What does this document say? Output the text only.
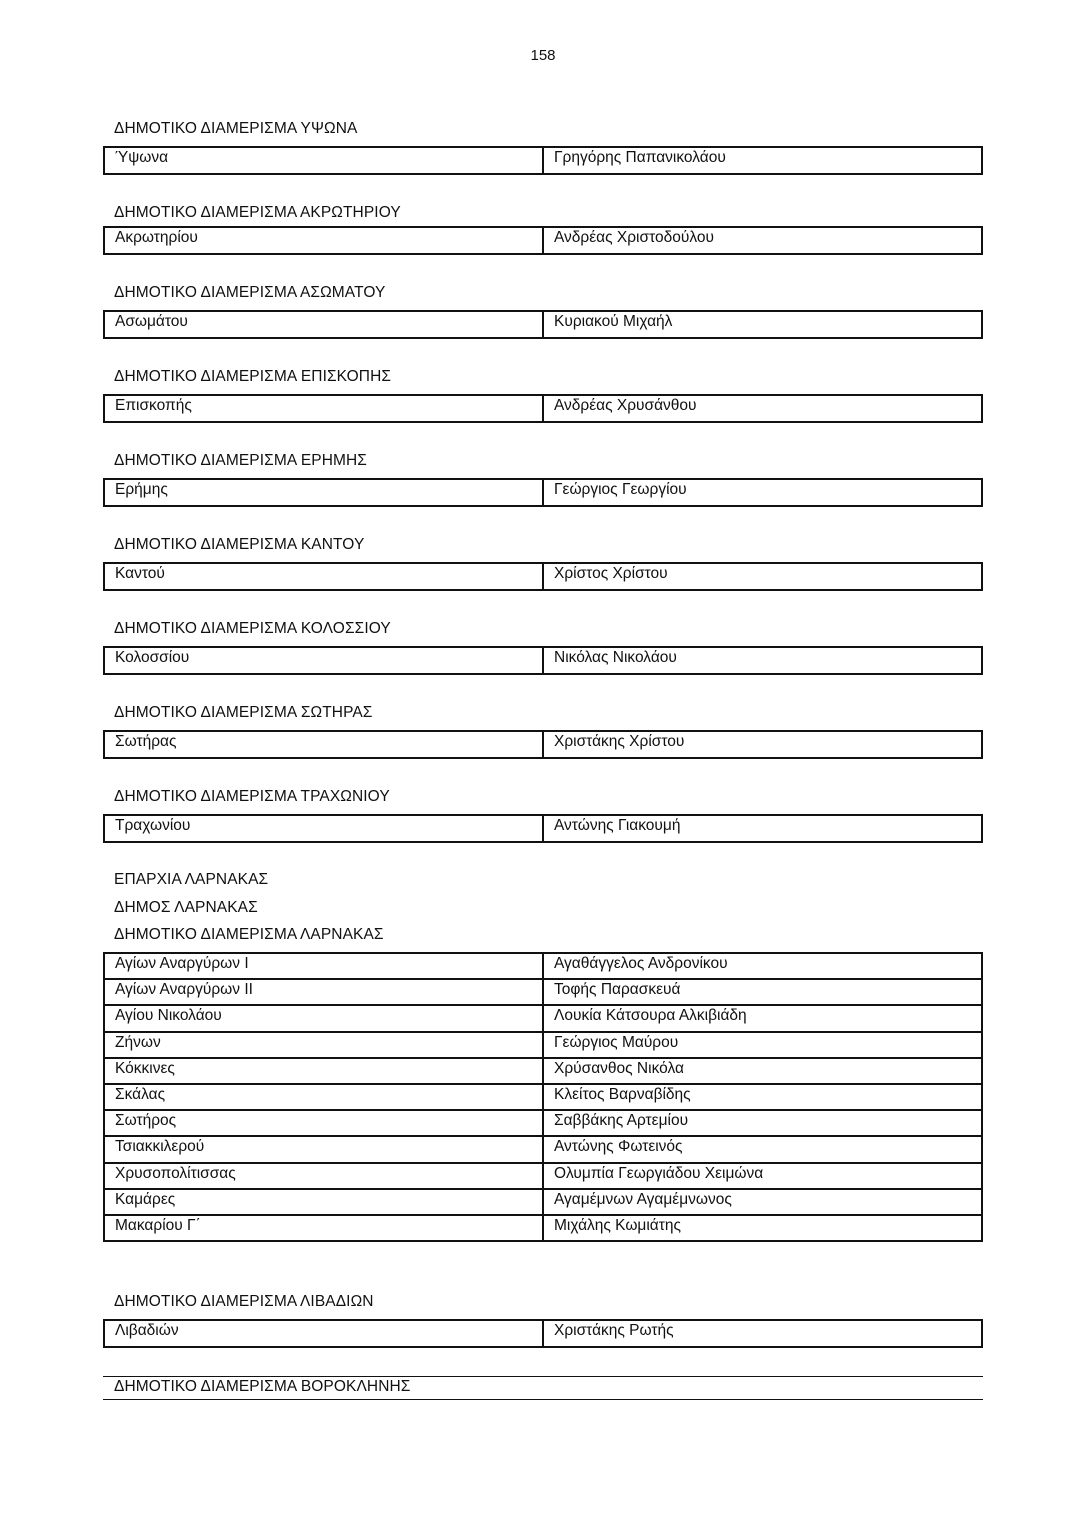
158
ΔΗΜΟΤΙΚΟ ΔΙΑΜΕΡΙΣΜΑ ΥΨΩΝΑ
Ύψωνα	Γρηγόρης Παπανικολάου
ΔΗΜΟΤΙΚΟ ΔΙΑΜΕΡΙΣΜΑ ΑΚΡΩΤΗΡΙΟΥ
Ακρωτηρίου	Ανδρέας Χριστοδούλου
ΔΗΜΟΤΙΚΟ ΔΙΑΜΕΡΙΣΜΑ ΑΣΩΜΑΤΟΥ
Ασωμάτου	Κυριακού Μιχαήλ
ΔΗΜΟΤΙΚΟ ΔΙΑΜΕΡΙΣΜΑ ΕΠΙΣΚΟΠΗΣ
Επισκοπής	Ανδρέας Χρυσάνθου
ΔΗΜΟΤΙΚΟ ΔΙΑΜΕΡΙΣΜΑ ΕΡΗΜΗΣ
Ερήμης	Γεώργιος Γεωργίου
ΔΗΜΟΤΙΚΟ ΔΙΑΜΕΡΙΣΜΑ ΚΑΝΤΟΥ
Καντού	Χρίστος Χρίστου
ΔΗΜΟΤΙΚΟ ΔΙΑΜΕΡΙΣΜΑ ΚΟΛΟΣΣΙΟΥ
Κολοσσίου	Νικόλας Νικολάου
ΔΗΜΟΤΙΚΟ ΔΙΑΜΕΡΙΣΜΑ ΣΩΤΗΡΑΣ
Σωτήρας	Χριστάκης Χρίστου
ΔΗΜΟΤΙΚΟ ΔΙΑΜΕΡΙΣΜΑ ΤΡΑΧΩΝΙΟΥ
Τραχωνίου	Αντώνης Γιακουμή
ΕΠΑΡΧΙΑ ΛΑΡΝΑΚΑΣ
ΔΗΜΟΣ ΛΑΡΝΑΚΑΣ
ΔΗΜΟΤΙΚΟ ΔΙΑΜΕΡΙΣΜΑ ΛΑΡΝΑΚΑΣ
Αγίων Αναργύρων Ι	Αγαθάγγελος Ανδρονίκου
Αγίων Αναργύρων ΙΙ	Τοφής Παρασκευά
Αγίου Νικολάου	Λουκία Κάτσουρα Αλκιβιάδη
Ζήνων	Γεώργιος Μαύρου
Κόκκινες	Χρύσανθος Νικόλα
Σκάλας	Κλείτος Βαρναβίδης
Σωτήρος	Σαββάκης Αρτεμίου
Τσιακκιλερού	Αντώνης Φωτεινός
Χρυσοπολίτισσας	Ολυμπία Γεωργιάδου Χειμώνα
Καμάρες	Αγαμέμνων Αγαμέμνωνος
Μακαρίου Γ΄	Μιχάλης Κωμιάτης
ΔΗΜΟΤΙΚΟ ΔΙΑΜΕΡΙΣΜΑ ΛΙΒΑΔΙΩΝ
Λιβαδιών	Χριστάκης Ρωτής
ΔΗΜΟΤΙΚΟ ΔΙΑΜΕΡΙΣΜΑ ΒΟΡΟΚΛΗΝΗΣ
